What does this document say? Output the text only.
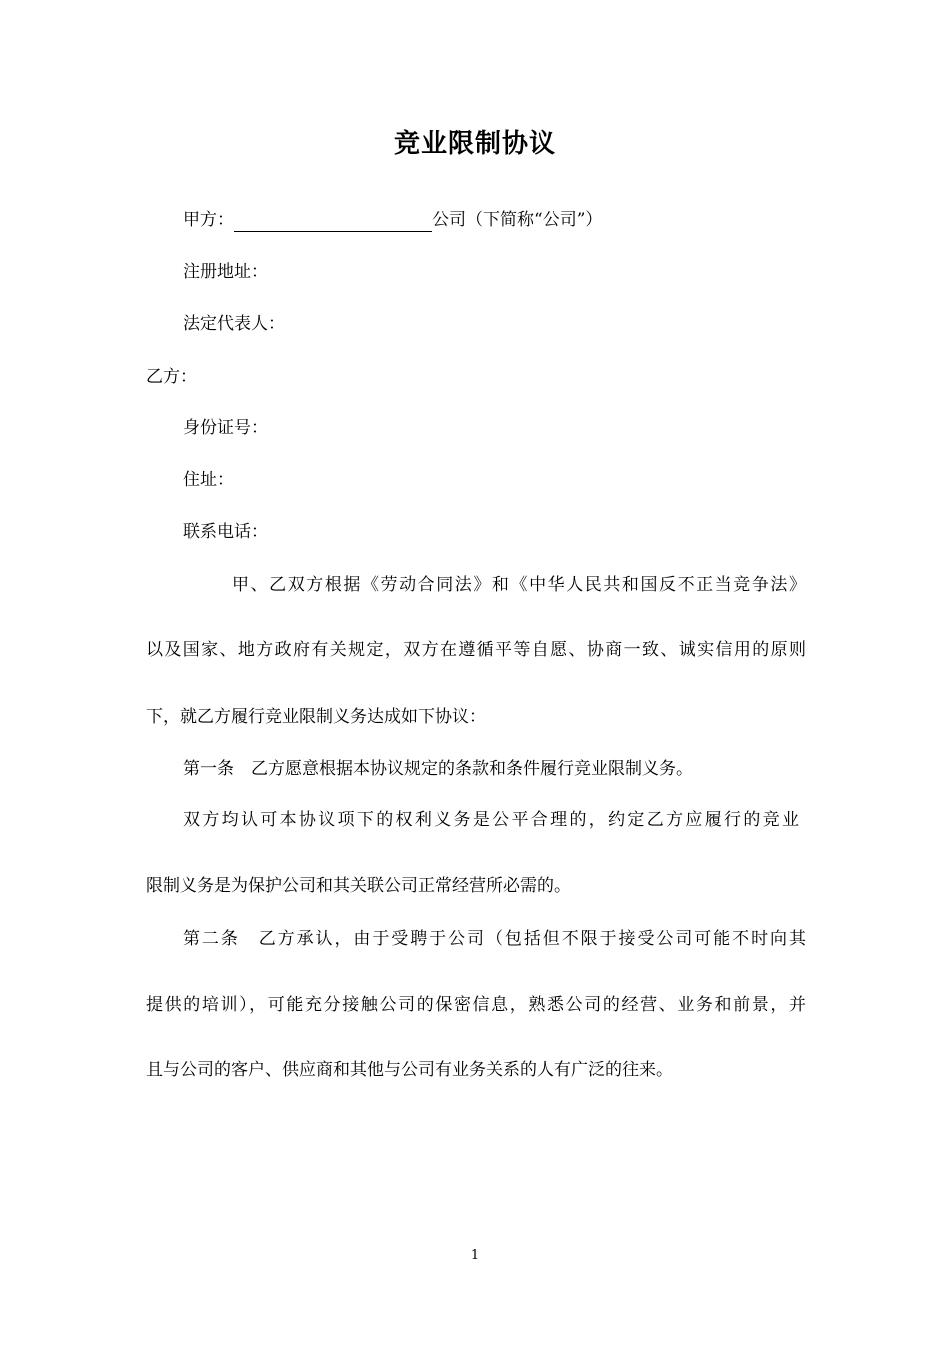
竞业限制协议
甲方：	公司（下简称“公司”）
注册地址：
法定代表人：
乙方：
身份证号：
住址：
联系电话：
甲、乙双方根据《劳动合同法》和《中华人民共和国反不正当竞争法》
以及国家、地方政府有关规定，双方在遵循平等自愿、协商一致、诚实信用的原则
下，就乙方履行竞业限制义务达成如下协议：
第一条　乙方愿意根据本协议规定的条款和条件履行竞业限制义务。
双方均认可本协议项下的权利义务是公平合理的，约定乙方应履行的竞业
限制义务是为保护公司和其关联公司正常经营所必需的。
第二条　乙方承认，由于受聘于公司（包括但不限于接受公司可能不时向其
提供的培训），可能充分接触公司的保密信息，熟悉公司的经营、业务和前景，并
且与公司的客户、供应商和其他与公司有业务关系的人有广泛的往来。
1
